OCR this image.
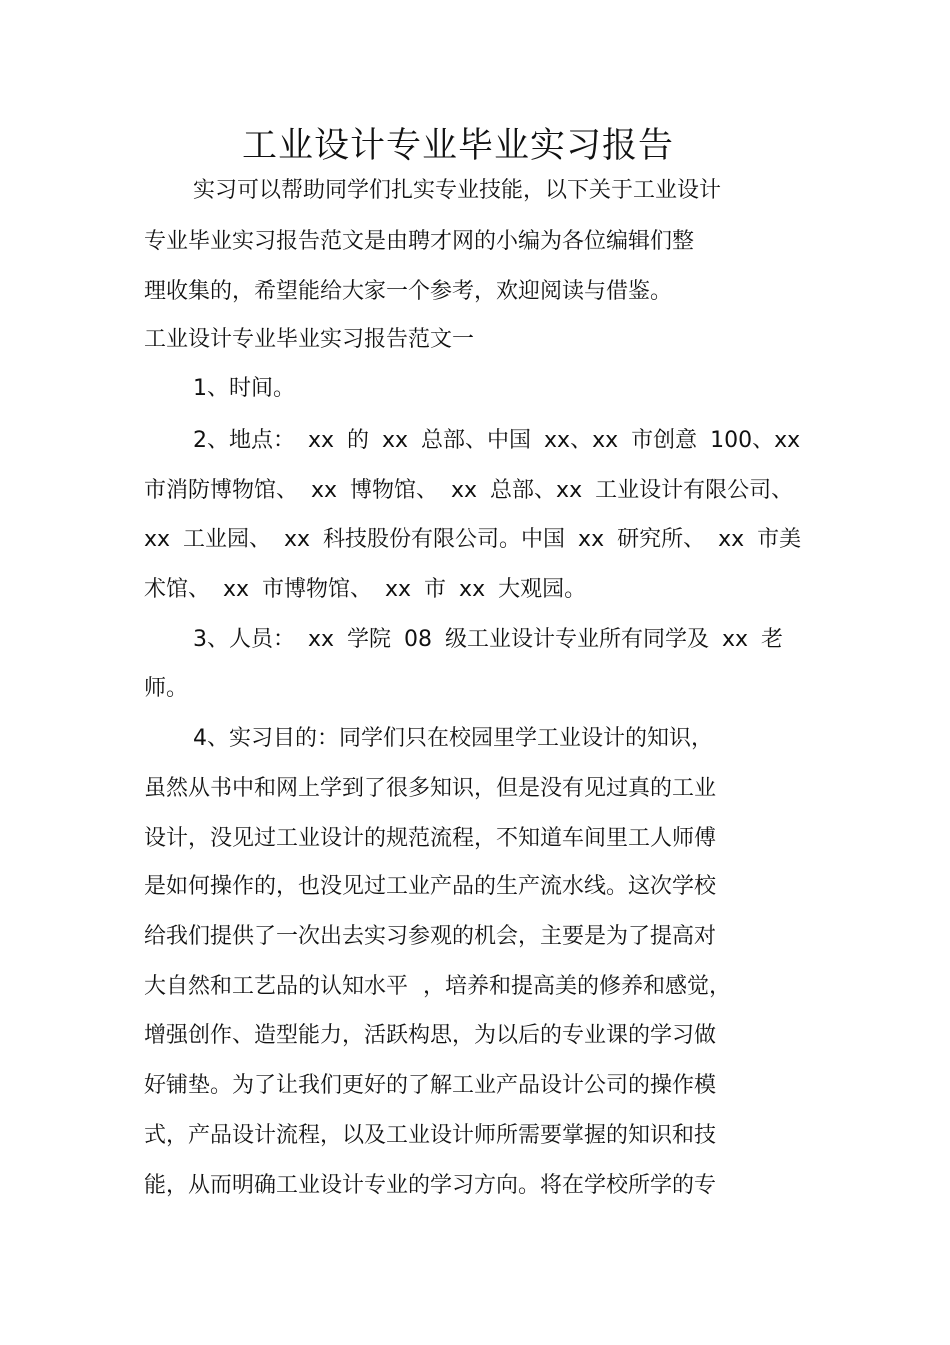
工业设计专业毕业实习报告
实习可以帮助同学们扎实专业技能，以下关于工业设计
专业毕业实习报告范文是由聘才网的小编为各位编辑们整
理收集的，希望能给大家一个参考，欢迎阅读与借鉴。
工业设计专业毕业实习报告范文一
1、时间。
2、地点： xx 的 xx 总部、中国 xx、xx 市创意 100、xx
市消防博物馆、 xx 博物馆、 xx 总部、xx 工业设计有限公司、
xx 工业园、 xx 科技股份有限公司。中国 xx 研究所、 xx 市美
术馆、 xx 市博物馆、 xx 市 xx 大观园。
3、人员： xx 学院 08 级工业设计专业所有同学及 xx 老
师。
4、实习目的：同学们只在校园里学工业设计的知识，
虽然从书中和网上学到了很多知识，但是没有见过真的工业
设计，没见过工业设计的规范流程，不知道车间里工人师傅
是如何操作的，也没见过工业产品的生产流水线。这次学校
给我们提供了一次出去实习参观的机会，主要是为了提高对
大自然和工艺品的认知水平 ，培养和提高美的修养和感觉，
增强创作、造型能力，活跃构思，为以后的专业课的学习做
好铺垫。为了让我们更好的了解工业产品设计公司的操作模
式，产品设计流程，以及工业设计师所需要掌握的知识和技
能，从而明确工业设计专业的学习方向。将在学校所学的专
